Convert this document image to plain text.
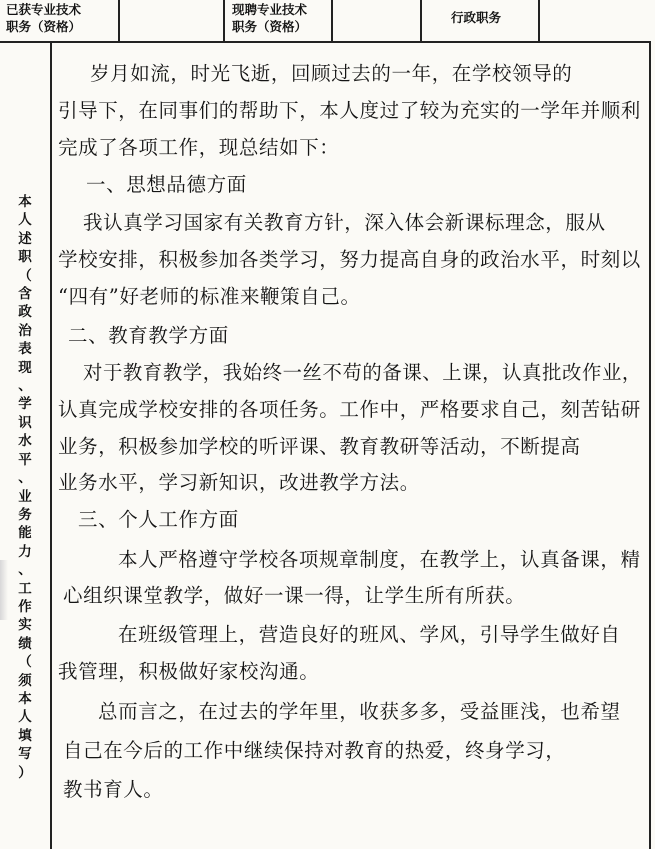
已获专业技术
职务（资格）
现聘专业技术
职务（资格）
行政职务
本
人
述
职
（
含
政
治
表
现
、
学
识
水
平
、
业
务
能
力
、
工
作
实
绩
（
须
本
人
填
写
）
岁月如流，时光飞逝，回顾过去的一年，在学校领导的
引导下，在同事们的帮助下，本人度过了较为充实的一学年并顺利
完成了各项工作，现总结如下：
一、思想品德方面
我认真学习国家有关教育方针，深入体会新课标理念，服从
学校安排，积极参加各类学习，努力提高自身的政治水平，时刻以
“四有”好老师的标准来鞭策自己。
二、教育教学方面
对于教育教学，我始终一丝不苟的备课、上课，认真批改作业，
认真完成学校安排的各项任务。工作中，严格要求自己，刻苦钻研
业务，积极参加学校的听评课、教育教研等活动，不断提高
业务水平，学习新知识，改进教学方法。
三、个人工作方面
本人严格遵守学校各项规章制度，在教学上，认真备课，精
心组织课堂教学，做好一课一得，让学生所有所获。
在班级管理上，营造良好的班风、学风，引导学生做好自
我管理，积极做好家校沟通。
总而言之，在过去的学年里，收获多多，受益匪浅，也希望
自己在今后的工作中继续保持对教育的热爱，终身学习，
教书育人。
